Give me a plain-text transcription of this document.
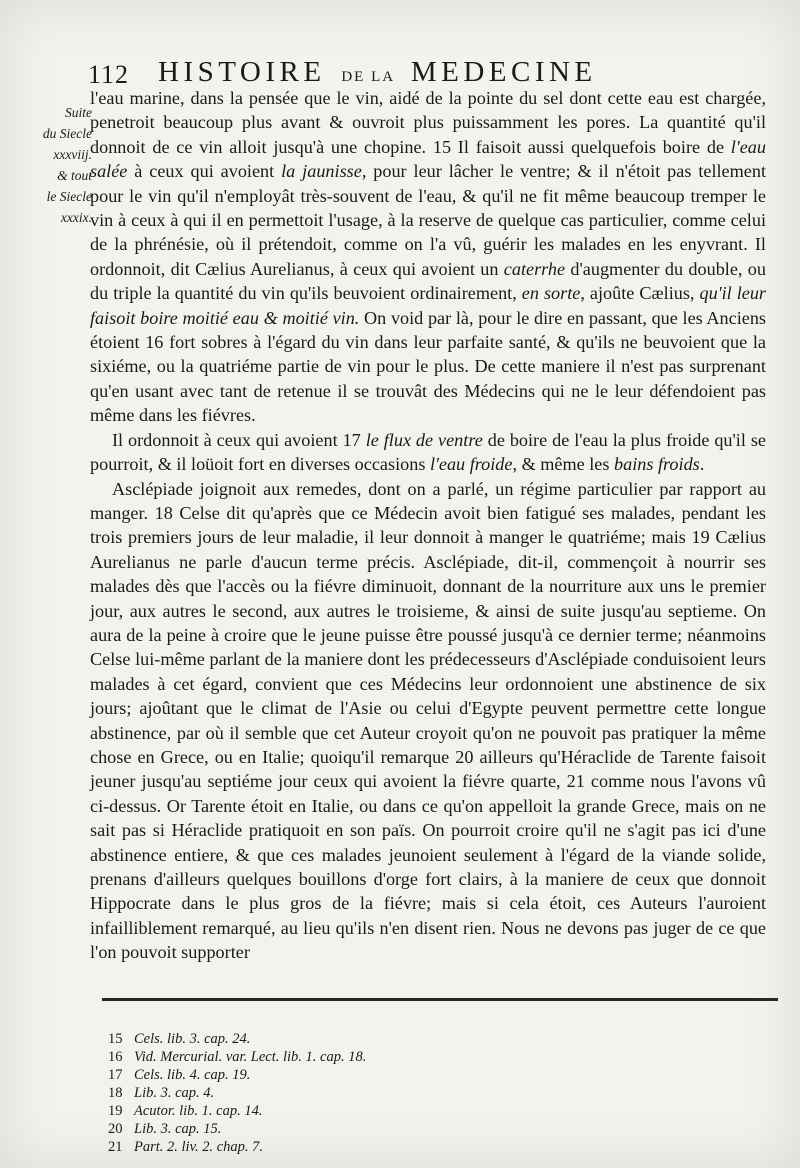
112 HISTOIRE DE LA MEDECINE
Suite
du Siecle
xxxviij.
& tout
le Siecle
xxxix.

l'eau marine, dans la pensée que le vin, aidé de la pointe du sel dont cette eau est chargée, penetroit beaucoup plus avant & ouvroit plus puissamment les pores. La quantité qu'il donnoit de ce vin alloit jusqu'à une chopine. 15 Il faisoit aussi quelquefois boire de l'eau salée à ceux qui avoient la jaunisse, pour leur lâcher le ventre; & il n'étoit pas tellement pour le vin qu'il n'employât très-souvent de l'eau, & qu'il ne fit même beaucoup tremper le vin à ceux à qui il en permettoit l'usage, à la reserve de quelque cas particulier, comme celui de la phrénésie, où il prétendoit, comme on l'a vû, guérir les malades en les enyvrant. Il ordonnoit, dit Cælius Aurelianus, à ceux qui avoient un caterrhe d'augmenter du double, ou du triple la quantité du vin qu'ils beuvoient ordinairement, en sorte, ajoûte Cælius, qu'il leur faisoit boire moitié eau & moitié vin. On void par là, pour le dire en passant, que les Anciens étoient 16 fort sobres à l'égard du vin dans leur parfaite santé, & qu'ils ne beuvoient que la sixiéme, ou la quatriéme partie de vin pour le plus. De cette maniere il n'est pas surprenant qu'en usant avec tant de retenue il se trouvât des Médecins qui ne le leur défendoient pas même dans les fiévres.

Il ordonnoit à ceux qui avoient 17 le flux de ventre de boire de l'eau la plus froide qu'il se pourroit, & il loüoit fort en diverses occasions l'eau froide, & même les bains froids.

Asclépiade joignoit aux remedes, dont on a parlé, un régime particulier par rapport au manger. 18 Celse dit qu'après que ce Médecin avoit bien fatigué ses malades, pendant les trois premiers jours de leur maladie, il leur donnoit à manger le quatriéme; mais 19 Cælius Aurelianus ne parle d'aucun terme précis. Asclépiade, dit-il, commençoit à nourrir ses malades dès que l'accès ou la fiévre diminuoit, donnant de la nourriture aux uns le premier jour, aux autres le second, aux autres le troisieme, & ainsi de suite jusqu'au septieme. On aura de la peine à croire que le jeune puisse être poussé jusqu'à ce dernier terme; néanmoins Celse lui-même parlant de la maniere dont les prédecesseurs d'Asclépiade conduisoient leurs malades à cet égard, convient que ces Médecins leur ordonnoient une abstinence de six jours; ajoûtant que le climat de l'Asie ou celui d'Egypte peuvent permettre cette longue abstinence, par où il semble que cet Auteur croyoit qu'on ne pouvoit pas pratiquer la même chose en Grece, ou en Italie; quoiqu'il remarque 20 ailleurs qu'Héraclide de Tarente faisoit jeuner jusqu'au septiéme jour ceux qui avoient la fiévre quarte, 21 comme nous l'avons vû ci-dessus. Or Tarente étoit en Italie, ou dans ce qu'on appelloit la grande Grece, mais on ne sait pas si Héraclide pratiquoit en son païs. On pourroit croire qu'il ne s'agit pas ici d'une abstinence entiere, & que ces malades jeunoient seulement à l'égard de la viande solide, prenans d'ailleurs quelques bouillons d'orge fort clairs, à la maniere de ceux que donnoit Hippocrate dans le plus gros de la fiévre; mais si cela étoit, ces Auteurs l'auroient infailliblement remarqué, au lieu qu'ils n'en disent rien. Nous ne devons pas juger de ce que l'on pouvoit supporter

15 Cels. lib. 3. cap. 24.
16 Vid. Mercurial. var. Lect. lib. 1. cap. 18.
17 Cels. lib. 4. cap. 19.
18 Lib. 3. cap. 4.
19 Acutor. lib. 1. cap. 14.
20 Lib. 3. cap. 15.
21 Part. 2. liv. 2. chap. 7.
